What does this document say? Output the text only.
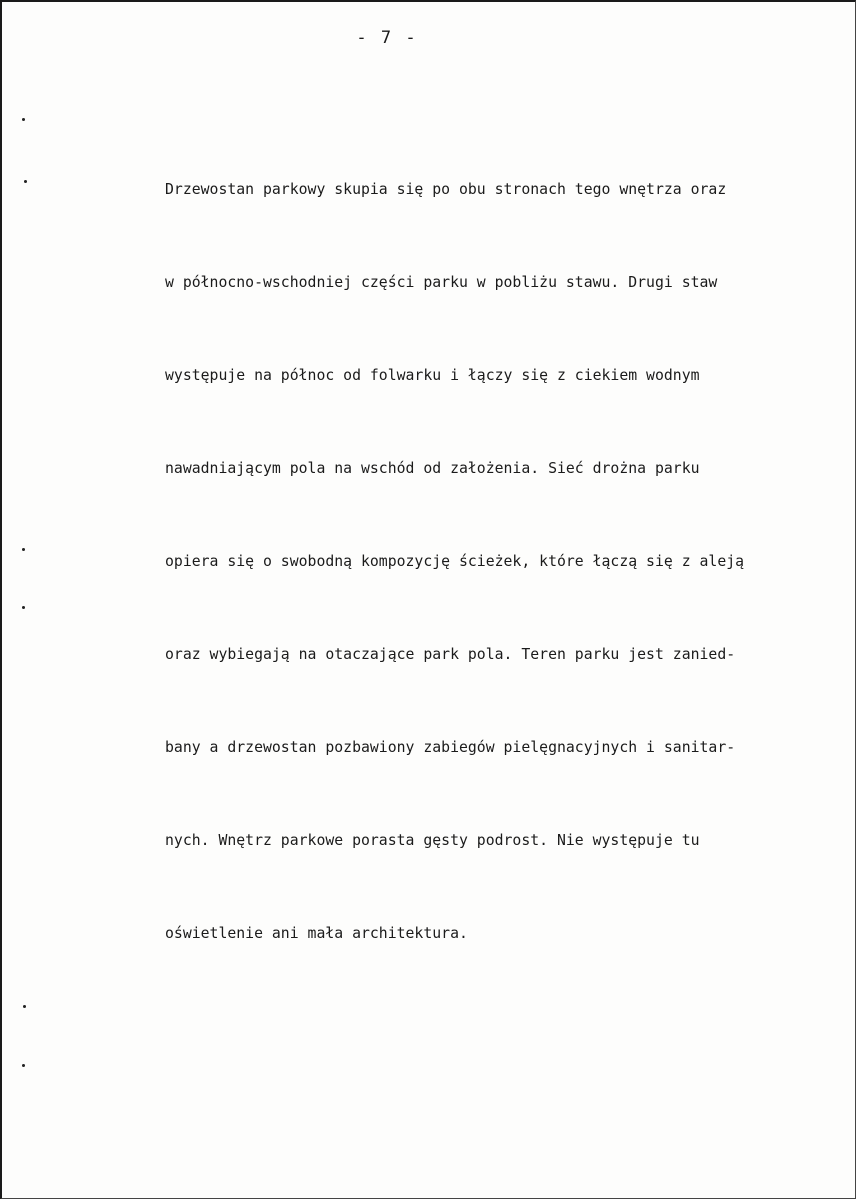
- 7 -

Drzewostan parkowy skupia się po obu stronach tego wnętrza oraz

w północno-wschodniej części parku w pobliżu stawu. Drugi staw

występuje na północ od folwarku i łączy się z ciekiem wodnym

nawadniającym pola na wschód od założenia. Sieć drożna parku

opiera się o swobodną kompozycję ścieżek, które łączą się z aleją

oraz wybiegają na otaczające park pola. Teren parku jest zanied-

bany a drzewostan pozbawiony zabiegów pielęgnacyjnych i sanitar-

nych. Wnętrz parkowe porasta gęsty podrost. Nie występuje tu

oświetlenie ani mała architektura.
